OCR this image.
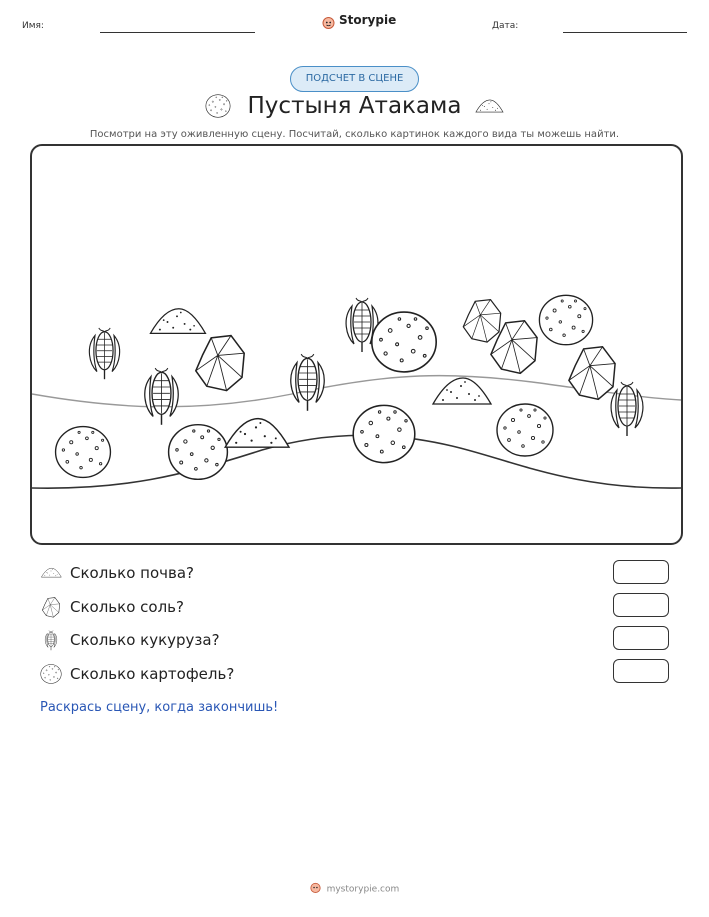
Имя:	Storypie	Дата:
ПОДСЧЕТ В СЦЕНЕ
Пустыня Атакама
Посмотри на эту оживленную сцену. Посчитай, сколько картинок каждого вида ты можешь найти.
Сколько почва?
Сколько соль?
Сколько кукуруза?
Сколько картофель?
Раскрась сцену, когда закончишь!
mystorypie.com
